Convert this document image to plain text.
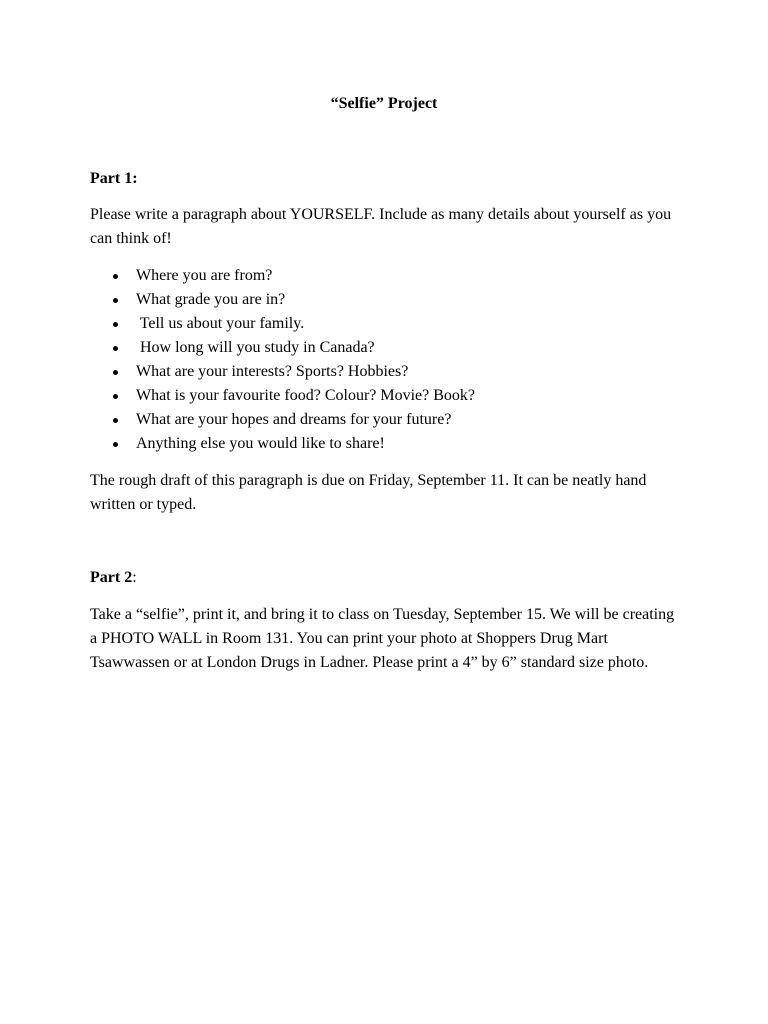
“Selfie” Project

Part 1:

Please write a paragraph about YOURSELF. Include as many details about yourself as you can think of!

Where you are from?
What grade you are in?
Tell us about your family.
How long will you study in Canada?
What are your interests? Sports? Hobbies?
What is your favourite food? Colour? Movie? Book?
What are your hopes and dreams for your future?
Anything else you would like to share!

The rough draft of this paragraph is due on Friday, September 11. It can be neatly hand written or typed.

Part 2:

Take a “selfie”, print it, and bring it to class on Tuesday, September 15. We will be creating a PHOTO WALL in Room 131. You can print your photo at Shoppers Drug Mart Tsawwassen or at London Drugs in Ladner. Please print a 4” by 6” standard size photo.
